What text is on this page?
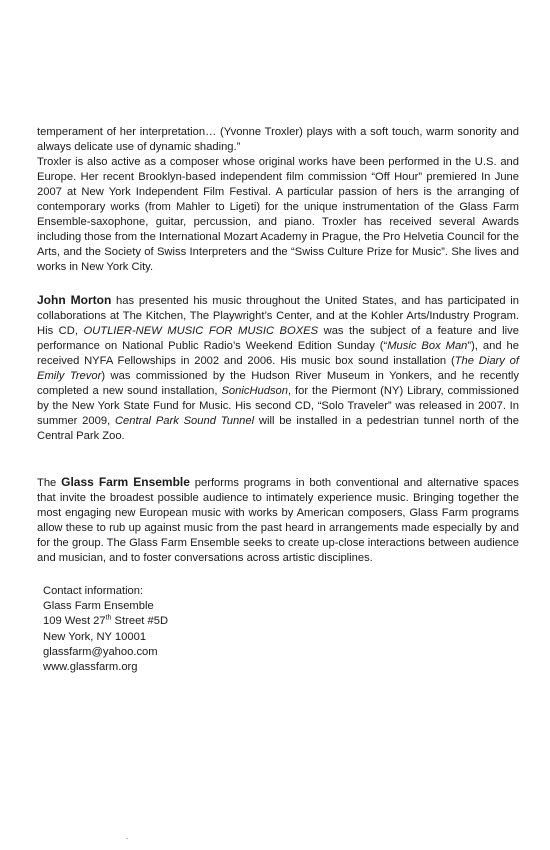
temperament of her interpretation… (Yvonne Troxler) plays with a soft touch, warm sonority and always delicate use of dynamic shading.”
Troxler is also active as a composer whose original works have been performed in the U.S. and Europe. Her recent Brooklyn-based independent film commission “Off Hour” premiered In June 2007 at New York Independent Film Festival. A particular passion of hers is the arranging of contemporary works (from Mahler to Ligeti) for the unique instrumentation of the Glass Farm Ensemble-saxophone, guitar, percussion, and piano. Troxler has received several Awards including those from the International Mozart Academy in Prague, the Pro Helvetia Council for the Arts, and the Society of Swiss Interpreters and the “Swiss Culture Prize for Music”. She lives and works in New York City.

John Morton has presented his music throughout the United States, and has participated in collaborations at The Kitchen, The Playwright’s Center, and at the Kohler Arts/Industry Program. His CD, OUTLIER-NEW MUSIC FOR MUSIC BOXES was the subject of a feature and live performance on National Public Radio’s Weekend Edition Sunday (“Music Box Man”), and he received NYFA Fellowships in 2002 and 2006. His music box sound installation (The Diary of Emily Trevor) was commissioned by the Hudson River Museum in Yonkers, and he recently completed a new sound installation, SonicHudson, for the Piermont (NY) Library, commissioned by the New York State Fund for Music. His second CD, “Solo Traveler” was released in 2007. In summer 2009, Central Park Sound Tunnel will be installed in a pedestrian tunnel north of the Central Park Zoo.

The Glass Farm Ensemble performs programs in both conventional and alternative spaces that invite the broadest possible audience to intimately experience music. Bringing together the most engaging new European music with works by American composers, Glass Farm programs allow these to rub up against music from the past heard in arrangements made especially by and for the group. The Glass Farm Ensemble seeks to create up-close interactions between audience and musician, and to foster conversations across artistic disciplines.

Contact information:
Glass Farm Ensemble
109 West 27th Street #5D
New York, NY 10001
glassfarm@yahoo.com
www.glassfarm.org
